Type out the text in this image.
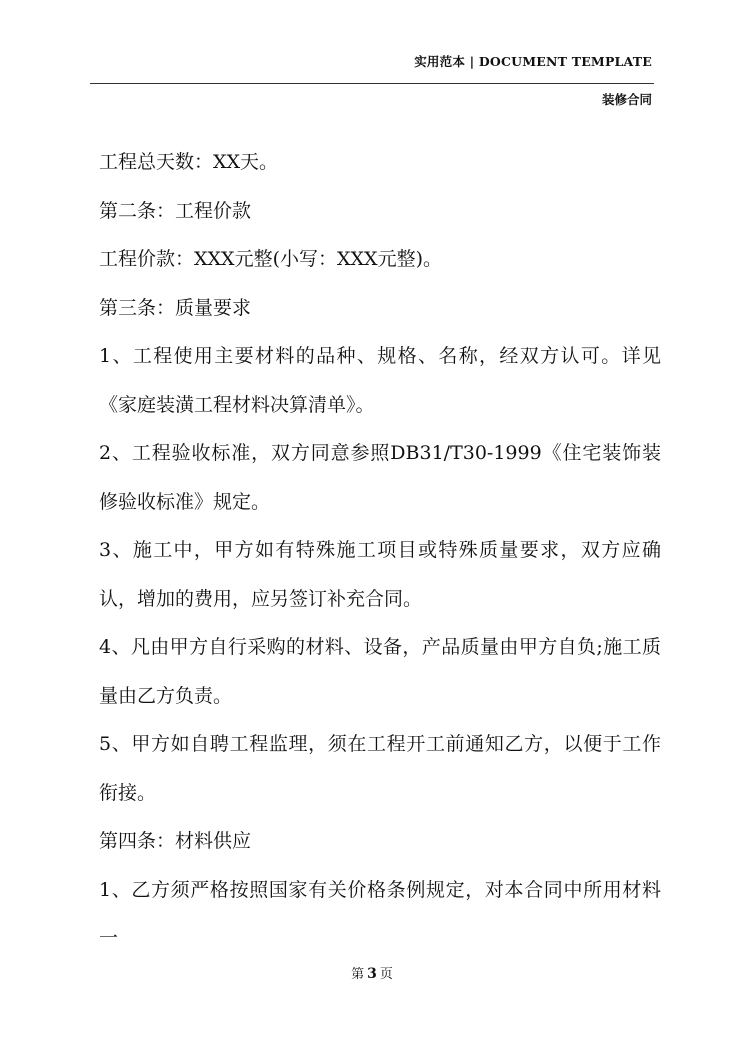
实用范本 | DOCUMENT TEMPLATE
装修合同

工程总天数：XX天。

第二条：工程价款

工程价款：XXX元整(小写：XXX元整)。

第三条：质量要求

1、工程使用主要材料的品种、规格、名称，经双方认可。详见《家庭装潢工程材料决算清单》。

2、工程验收标准，双方同意参照DB31/T30-1999《住宅装饰装修验收标准》规定。

3、施工中，甲方如有特殊施工项目或特殊质量要求，双方应确认，增加的费用，应另签订补充合同。

4、凡由甲方自行采购的材料、设备，产品质量由甲方自负;施工质量由乙方负责。

5、甲方如自聘工程监理，须在工程开工前通知乙方，以便于工作衔接。

第四条：材料供应

1、乙方须严格按照国家有关价格条例规定，对本合同中所用材料一

第 3 页
